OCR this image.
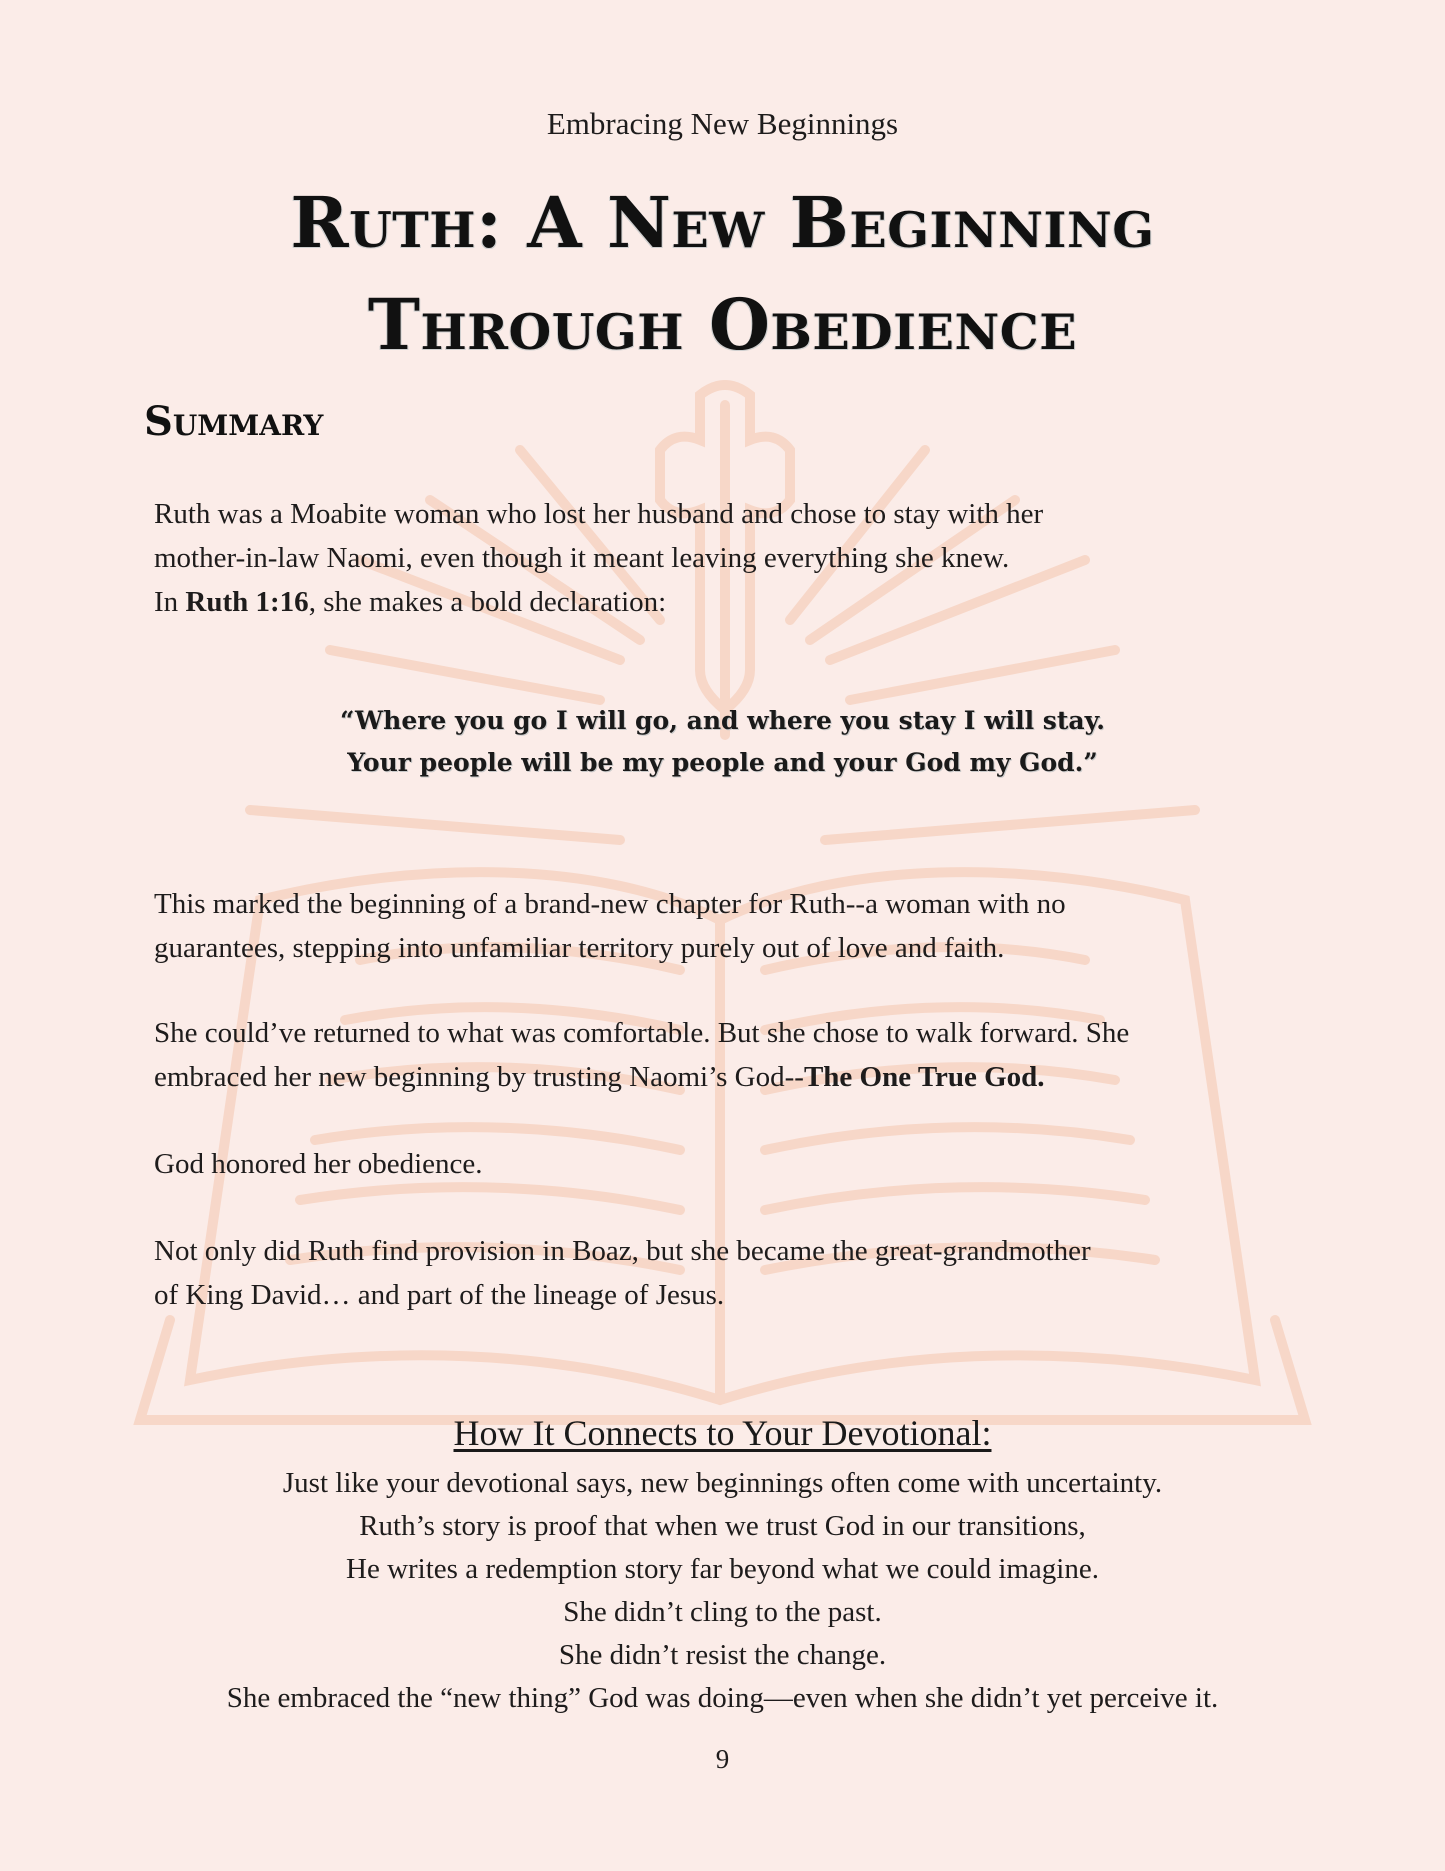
Embracing New Beginnings
Ruth: A New Beginning
Through Obedience
Summary
Ruth was a Moabite woman who lost her husband and chose to stay with her
mother-in-law Naomi, even though it meant leaving everything she knew.
In Ruth 1:16, she makes a bold declaration:
“Where you go I will go, and where you stay I will stay.
Your people will be my people and your God my God.”
This marked the beginning of a brand-new chapter for Ruth--a woman with no
guarantees, stepping into unfamiliar territory purely out of love and faith.
She could’ve returned to what was comfortable. But she chose to walk forward. She
embraced her new beginning by trusting Naomi’s God--The One True God.
God honored her obedience.
Not only did Ruth find provision in Boaz, but she became the great-grandmother
of King David… and part of the lineage of Jesus.
How It Connects to Your Devotional:
Just like your devotional says, new beginnings often come with uncertainty.
Ruth’s story is proof that when we trust God in our transitions,
He writes a redemption story far beyond what we could imagine.
She didn’t cling to the past.
She didn’t resist the change.
She embraced the “new thing” God was doing—even when she didn’t yet perceive it.
9
